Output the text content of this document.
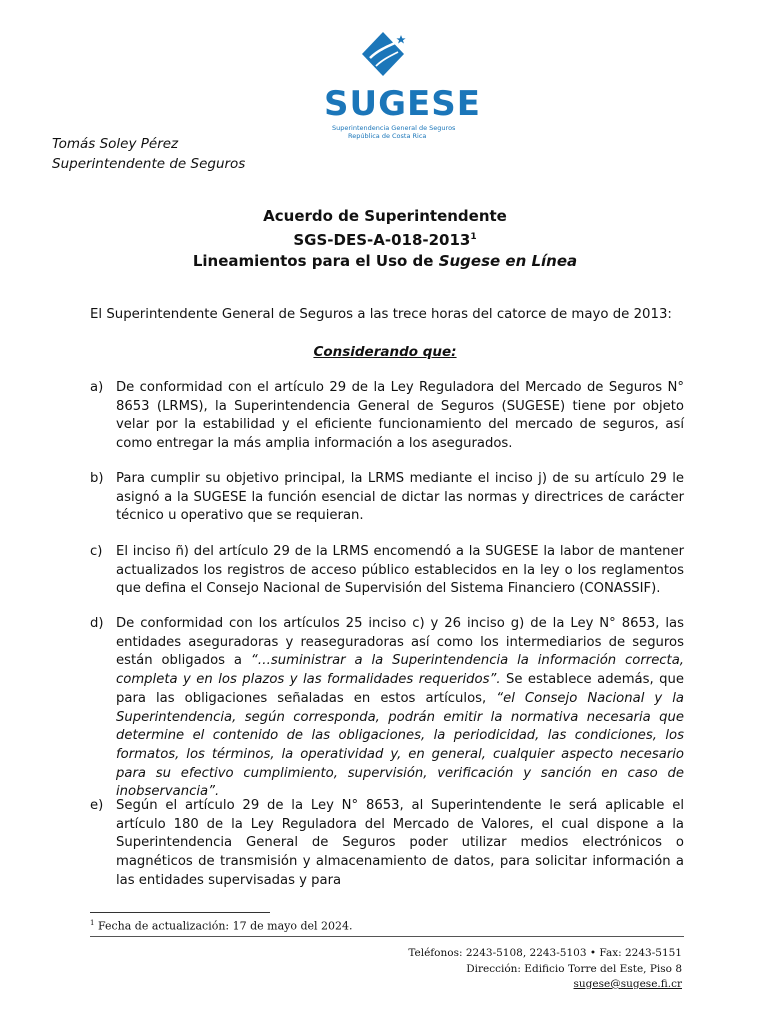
SUGESE
Superintendencia General de Seguros
República de Costa Rica
Tomás Soley Pérez
Superintendente de Seguros
Acuerdo de Superintendente
SGS-DES-A-018-2013$^1$
Lineamientos para el Uso de Sugese en Línea
El Superintendente General de Seguros a las trece horas del catorce de mayo de 2013:
Considerando que:
a) De conformidad con el artículo 29 de la Ley Reguladora del Mercado de Seguros N° 8653 (LRMS), la Superintendencia General de Seguros (SUGESE) tiene por objeto velar por la estabilidad y el eficiente funcionamiento del mercado de seguros, así como entregar la más amplia información a los asegurados.
b) Para cumplir su objetivo principal, la LRMS mediante el inciso j) de su artículo 29 le asignó a la SUGESE la función esencial de dictar las normas y directrices de carácter técnico u operativo que se requieran.
c)	El inciso ñ) del artículo 29 de la LRMS encomendó a la SUGESE la labor de mantener actualizados los registros de acceso público establecidos en la ley o los reglamentos que defina el Consejo Nacional de Supervisión del Sistema Financiero (CONASSIF).
d) De conformidad con los artículos 25 inciso c) y 26 inciso g) de la Ley N° 8653, las entidades aseguradoras y reaseguradoras así como los intermediarios de seguros están obligados a “…suministrar a la Superintendencia la información correcta, completa y en los plazos y las formalidades requeridos”. Se establece además, que para las obligaciones señaladas en estos artículos, “el Consejo Nacional y la Superintendencia, según corresponda, podrán emitir la normativa necesaria que determine el contenido de las obligaciones, la periodicidad, las condiciones, los formatos, los términos, la operatividad y, en general, cualquier aspecto necesario para su efectivo cumplimiento, supervisión, verificación y sanción en caso de inobservancia”.
e) Según el artículo 29 de la Ley N° 8653, al Superintendente le será aplicable el artículo 180 de la Ley Reguladora del Mercado de Valores, el cual dispone a la Superintendencia General de Seguros poder utilizar medios electrónicos o magnéticos de transmisión y almacenamiento de datos, para solicitar información a las entidades supervisadas y para
$^1$ Fecha de actualización: 17 de mayo del 2024.
Teléfonos: 2243-5108, 2243-5103 • Fax: 2243-5151
Dirección: Edificio Torre del Este, Piso 8
sugese@sugese.fi.cr
